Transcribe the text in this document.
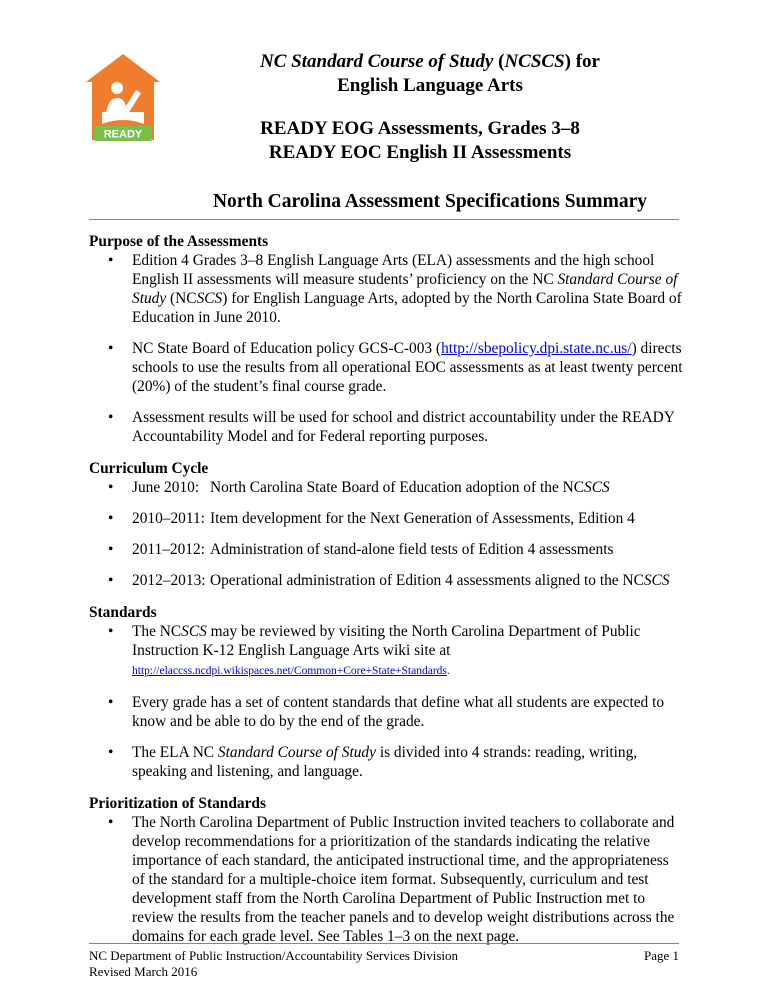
READY
NC Standard Course of Study (NCSCS) for
English Language Arts
READY EOG Assessments, Grades 3–8
READY EOC English II Assessments
North Carolina Assessment Specifications Summary

Purpose of the Assessments

• Edition 4 Grades 3–8 English Language Arts (ELA) assessments and the high school English II assessments will measure students’ proficiency on the NC Standard Course of Study (NCSCS) for English Language Arts, adopted by the North Carolina State Board of Education in June 2010.
• NC State Board of Education policy GCS-C-003 (http://sbepolicy.dpi.state.nc.us/) directs schools to use the results from all operational EOC assessments as at least twenty percent (20%) of the student’s final course grade.
• Assessment results will be used for school and district accountability under the READY Accountability Model and for Federal reporting purposes.

Curriculum Cycle

• June 2010: North Carolina State Board of Education adoption of the NCSCS
• 2010–2011: Item development for the Next Generation of Assessments, Edition 4
• 2011–2012: Administration of stand-alone field tests of Edition 4 assessments
• 2012–2013: Operational administration of Edition 4 assessments aligned to the NCSCS

Standards

• The NCSCS may be reviewed by visiting the North Carolina Department of Public Instruction K-12 English Language Arts wiki site at
http://elaccss.ncdpi.wikispaces.net/Common+Core+State+Standards.
• Every grade has a set of content standards that define what all students are expected to know and be able to do by the end of the grade.
• The ELA NC Standard Course of Study is divided into 4 strands: reading, writing, speaking and listening, and language.

Prioritization of Standards

• The North Carolina Department of Public Instruction invited teachers to collaborate and develop recommendations for a prioritization of the standards indicating the relative importance of each standard, the anticipated instructional time, and the appropriateness of the standard for a multiple-choice item format. Subsequently, curriculum and test development staff from the North Carolina Department of Public Instruction met to review the results from the teacher panels and to develop weight distributions across the domains for each grade level. See Tables 1–3 on the next page.
NC Department of Public Instruction/Accountability Services Division
Revised March 2016
Page 1
